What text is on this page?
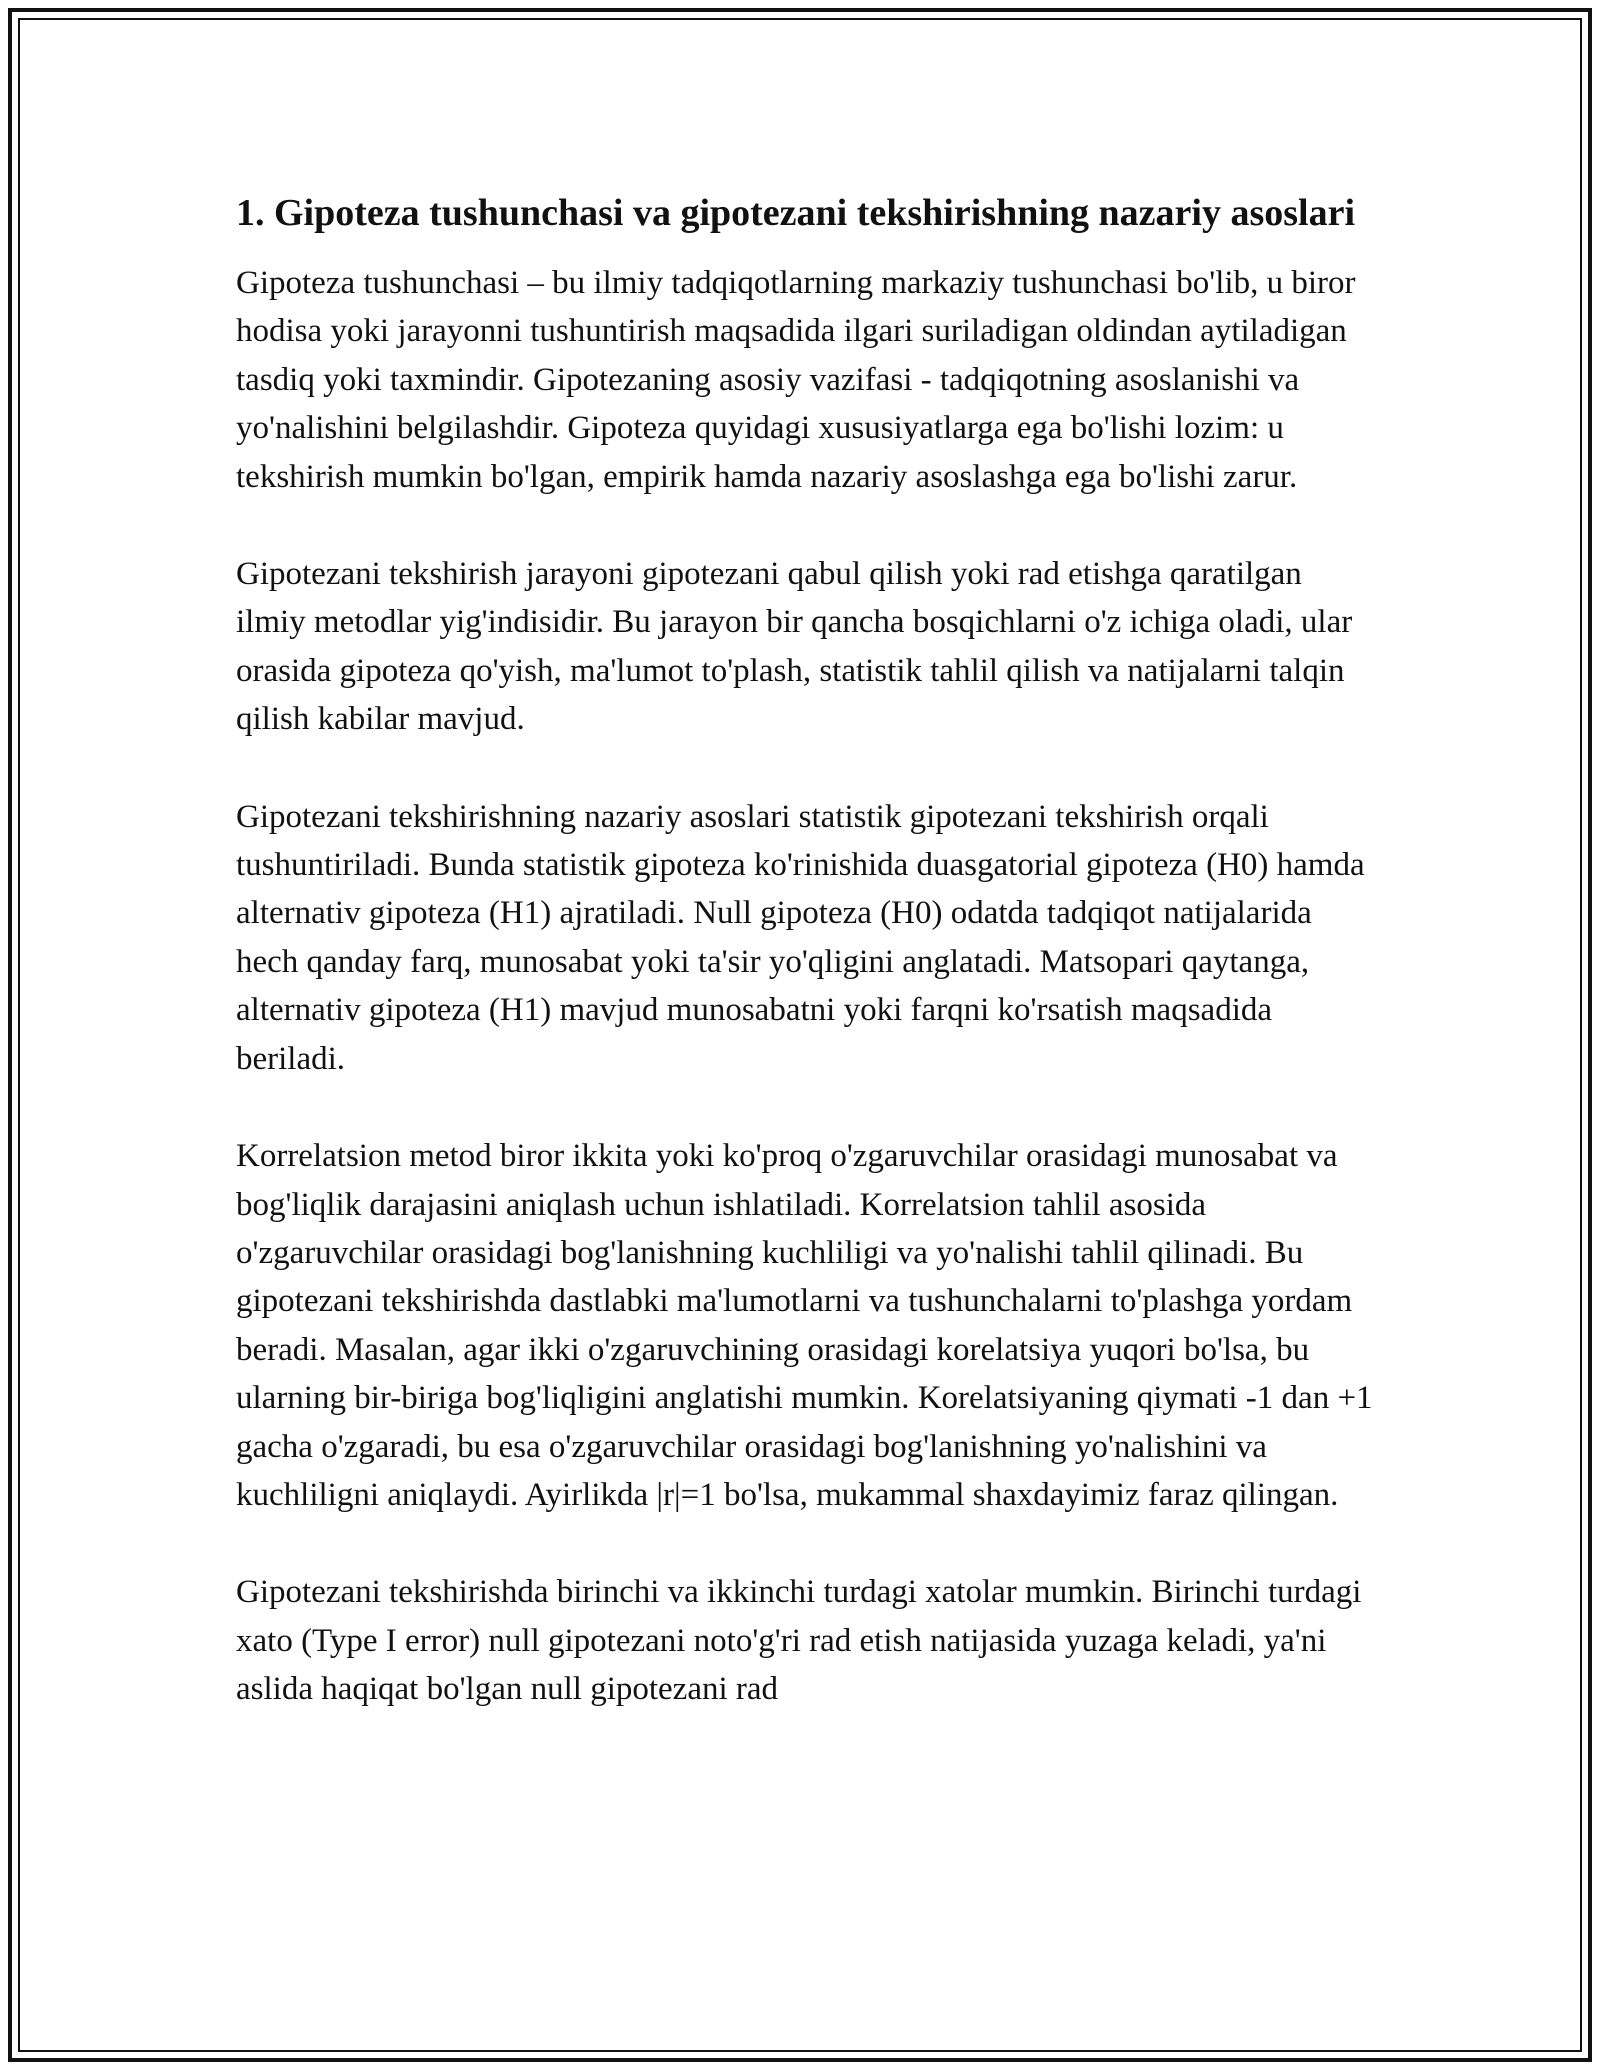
1. Gipoteza tushunchasi va gipotezani tekshirishning nazariy asoslari

Gipoteza tushunchasi – bu ilmiy tadqiqotlarning markaziy tushunchasi bo'lib, u biror hodisa yoki jarayonni tushuntirish maqsadida ilgari suriladigan oldindan aytiladigan tasdiq yoki taxmindir. Gipotezaning asosiy vazifasi - tadqiqotning asoslanishi va yo'nalishini belgilashdir. Gipoteza quyidagi xususiyatlarga ega bo'lishi lozim: u tekshirish mumkin bo'lgan, empirik hamda nazariy asoslashga ega bo'lishi zarur.

Gipotezani tekshirish jarayoni gipotezani qabul qilish yoki rad etishga qaratilgan ilmiy metodlar yig'indisidir. Bu jarayon bir qancha bosqichlarni o'z ichiga oladi, ular orasida gipoteza qo'yish, ma'lumot to'plash, statistik tahlil qilish va natijalarni talqin qilish kabilar mavjud.

Gipotezani tekshirishning nazariy asoslari statistik gipotezani tekshirish orqali tushuntiriladi. Bunda statistik gipoteza ko'rinishida duasgatorial gipoteza (H0) hamda alternativ gipoteza (H1) ajratiladi. Null gipoteza (H0) odatda tadqiqot natijalarida hech qanday farq, munosabat yoki ta'sir yo'qligini anglatadi. Matsopari qaytanga, alternativ gipoteza (H1) mavjud munosabatni yoki farqni ko'rsatish maqsadida beriladi.

Korrelatsion metod biror ikkita yoki ko'proq o'zgaruvchilar orasidagi munosabat va bog'liqlik darajasini aniqlash uchun ishlatiladi. Korrelatsion tahlil asosida o'zgaruvchilar orasidagi bog'lanishning kuchliligi va yo'nalishi tahlil qilinadi. Bu gipotezani tekshirishda dastlabki ma'lumotlarni va tushunchalarni to'plashga yordam beradi. Masalan, agar ikki o'zgaruvchining orasidagi korelatsiya yuqori bo'lsa, bu ularning bir-biriga bog'liqligini anglatishi mumkin. Korelatsiyaning qiymati -1 dan +1 gacha o'zgaradi, bu esa o'zgaruvchilar orasidagi bog'lanishning yo'nalishini va kuchliligni aniqlaydi. Ayirlikda |r|=1 bo'lsa, mukammal shaxdayimiz faraz qilingan.

Gipotezani tekshirishda birinchi va ikkinchi turdagi xatolar mumkin. Birinchi turdagi xato (Type I error) null gipotezani noto'g'ri rad etish natijasida yuzaga keladi, ya'ni aslida haqiqat bo'lgan null gipotezani rad
